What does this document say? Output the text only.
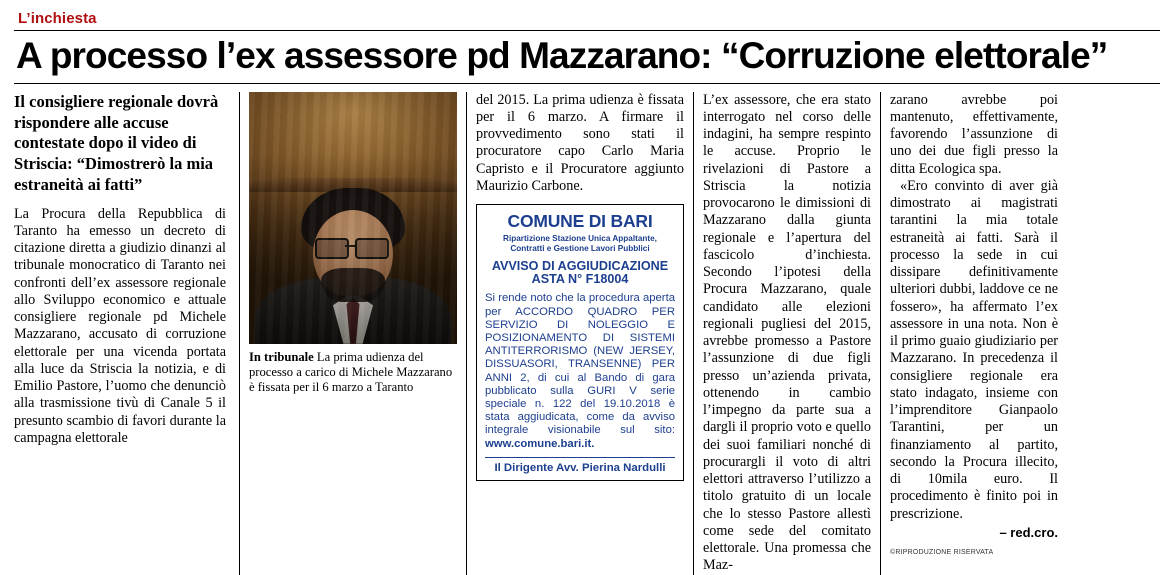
L’inchiesta
A processo l’ex assessore pd Mazzarano: “Corruzione elettorale”

Il consigliere regionale dovrà rispondere alle accuse contestate dopo il video di Striscia: “Dimostrerò la mia estraneità ai fatti”

La Procura della Repubblica di Taranto ha emesso un decreto di citazione diretta a giudizio dinanzi al tribunale monocratico di Taranto nei confronti dell’ex assessore regionale allo Sviluppo economico e attuale consigliere regionale pd Michele Mazzarano, accusato di corruzione elettorale per una vicenda portata alla luce da Striscia la notizia, e di Emilio Pastore, l’uomo che denunciò alla trasmissione tivù di Canale 5 il presunto scambio di favori durante la campagna elettorale

In tribunale La prima udienza del processo a carico di Michele Mazzarano è fissata per il 6 marzo a Taranto

del 2015. La prima udienza è fissata per il 6 marzo. A firmare il provvedimento sono stati il procuratore capo Carlo Maria Capristo e il Procuratore aggiunto Maurizio Carbone.

COMUNE DI BARI
Ripartizione Stazione Unica Appaltante, Contratti e Gestione Lavori Pubblici
AVVISO DI AGGIUDICAZIONE ASTA N° F18004
Si rende noto che la procedura aperta per ACCORDO QUADRO PER SERVIZIO DI NOLEGGIO E POSIZIONAMENTO DI SISTEMI ANTITERRORISMO (NEW JERSEY, DISSUASORI, TRANSENNE) PER ANNI 2, di cui al Bando di gara pubblicato sulla GURI V serie speciale n. 122 del 19.10.2018 è stata aggiudicata, come da avviso integrale visionabile sul sito: www.comune.bari.it.
Il Dirigente Avv. Pierina Nardulli

L’ex assessore, che era stato interrogato nel corso delle indagini, ha sempre respinto le accuse. Proprio le rivelazioni di Pastore a Striscia la notizia provocarono le dimissioni di Mazzarano dalla giunta regionale e l’apertura del fascicolo d’inchiesta. Secondo l’ipotesi della Procura Mazzarano, quale candidato alle elezioni regionali pugliesi del 2015, avrebbe promesso a Pastore l’assunzione di due figli presso un’azienda privata, ottenendo in cambio l’impegno da parte sua a dargli il proprio voto e quello dei suoi familiari nonché di procurargli il voto di altri elettori attraverso l’utilizzo a titolo gratuito di un locale che lo stesso Pastore allestì come sede del comitato elettorale. Una promessa che Maz-

zarano avrebbe poi mantenuto, effettivamente, favorendo l’assunzione di uno dei due figli presso la ditta Ecologica spa.

«Ero convinto di aver già dimostrato ai magistrati tarantini la mia totale estraneità ai fatti. Sarà il processo la sede in cui dissipare definitivamente ulteriori dubbi, laddove ce ne fossero», ha affermato l’ex assessore in una nota. Non è il primo guaio giudiziario per Mazzarano. In precedenza il consigliere regionale era stato indagato, insieme con l’imprenditore Gianpaolo Tarantini, per un finanziamento al partito, secondo la Procura illecito, di 10mila euro. Il procedimento è finito poi in prescrizione.

– red.cro.

©RIPRODUZIONE RISERVATA
